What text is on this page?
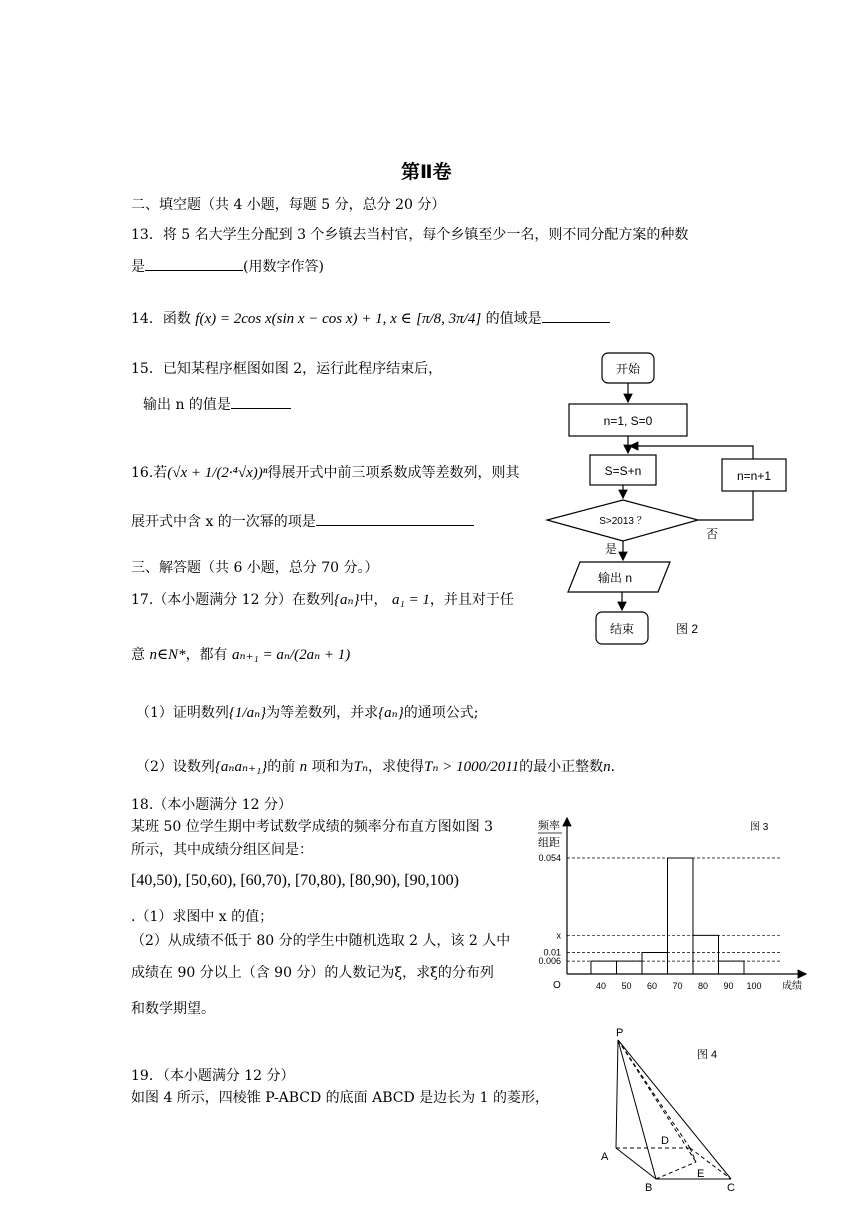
第Ⅱ卷
二、填空题（共 4 小题，每题 5 分，总分 20 分）
13．将 5 名大学生分配到 3 个乡镇去当村官，每个乡镇至少一名，则不同分配方案的种数
是	(用数字作答)
14．函数 f(x) = 2cos x(sin x − cos x) + 1, x ∈ [π/8, 3π/4] 的值域是
15．已知某程序框图如图 2，运行此程序结束后，
输出 n 的值是
16.若(√x + 1/(2·⁴√x))ⁿ得展开式中前三项系数成等差数列，则其
展开式中含 x 的一次幂的项是
三、解答题（共 6 小题，总分 70 分。）
17.（本小题满分 12 分）在数列{aₙ}中， a₁ = 1，并且对于任
意 n∈N*，都有 aₙ₊₁ = aₙ/(2aₙ + 1)
（1）证明数列{1/aₙ}为等差数列，并求{aₙ}的通项公式;
（2）设数列{aₙaₙ₊₁}的前 n 项和为Tₙ，求使得Tₙ > 1000/2011的最小正整数n.
18.（本小题满分 12 分）
某班 50 位学生期中考试数学成绩的频率分布直方图如图 3
所示，其中成绩分组区间是：
[40,50), [50,60), [60,70), [70,80), [80,90), [90,100)
.（1）求图中 x 的值；
（2）从成绩不低于 80 分的学生中随机选取 2 人，该 2 人中
成绩在 90 分以上（含 90 分）的人数记为ξ，求ξ的分布列
和数学期望。
19．（本小题满分 12 分）
如图 4 所示，四棱锥 P-ABCD 的底面 ABCD 是边长为 1 的菱形，
开始
n=1, S=0
S=S+n
S>2013 ？
n=n+1
否
是
输出 n
结束	图 2
频率
组距
图 3
O	成绩
0.054
x
0.01
0.006
40 50 60 70 80 90 100
图 4
P
A
B	C
D
E
